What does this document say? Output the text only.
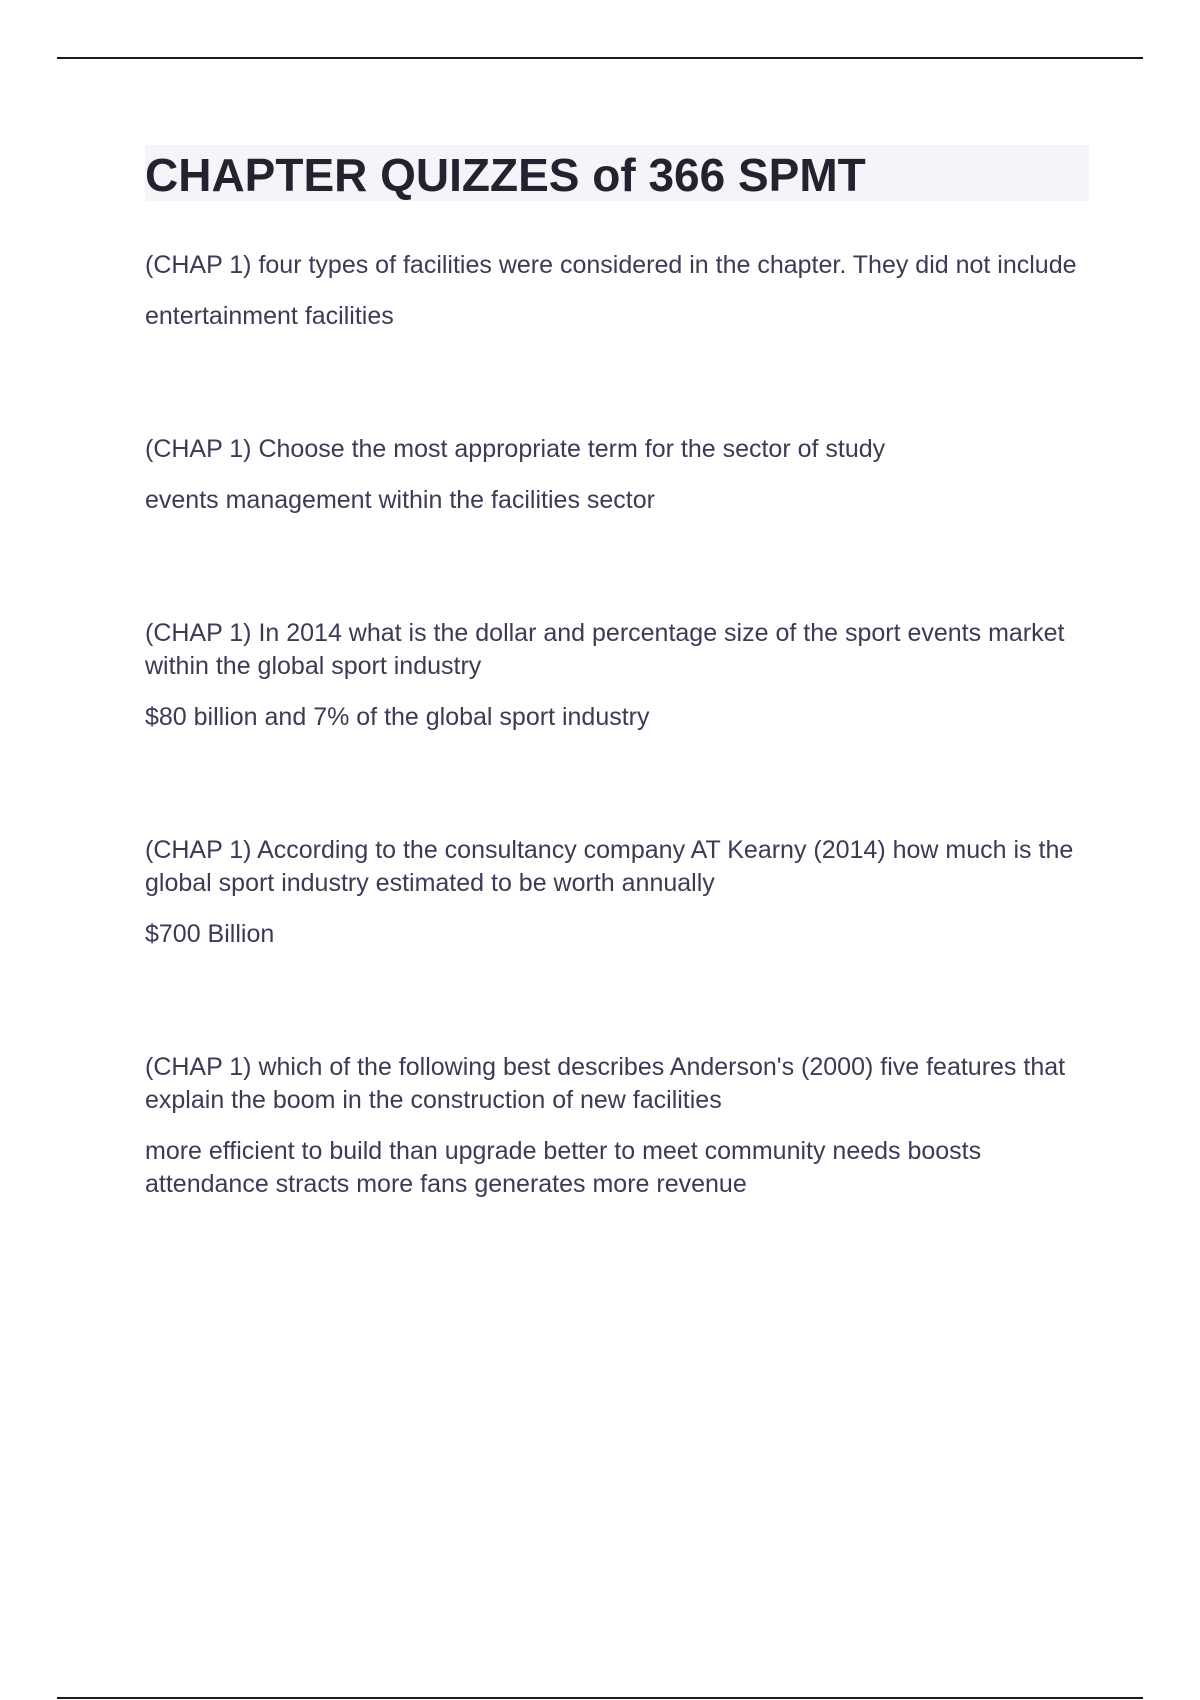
CHAPTER QUIZZES of 366 SPMT

(CHAP 1) four types of facilities were considered in the chapter. They did not include

entertainment facilities

(CHAP 1) Choose the most appropriate term for the sector of study

events management within the facilities sector

(CHAP 1) In 2014 what is the dollar and percentage size of the sport events market within the global sport industry

$80 billion and 7% of the global sport industry

(CHAP 1) According to the consultancy company AT Kearny (2014) how much is the global sport industry estimated to be worth annually

$700 Billion

(CHAP 1) which of the following best describes Anderson's (2000) five features that explain the boom in the construction of new facilities

more efficient to build than upgrade better to meet community needs boosts attendance stracts more fans generates more revenue
